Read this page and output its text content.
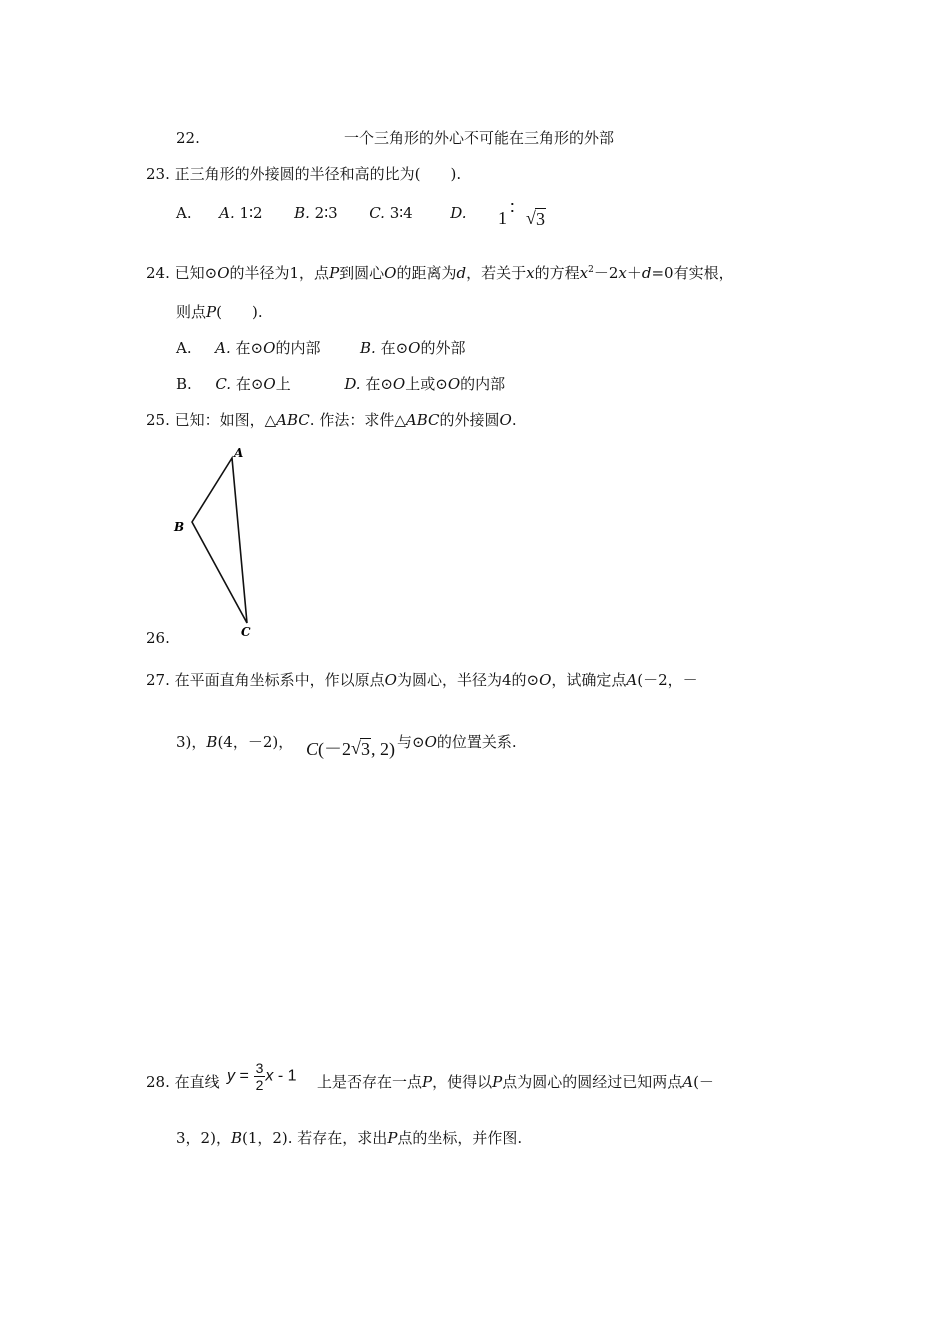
22.	一个三角形的外心不可能在三角形的外部
23. 正三角形的外接圆的半径和高的比为(　　).
A. A. 1∶2 B. 2∶3 C. 3∶4	D. 1 ∶ √ 3
24. 已知⊙O的半径为1，点P到圆心O的距离为d，若关于x的方程$x^2-2x+d=0$有实根，
则点P(　　).
A. A. 在⊙O的内部	B. 在⊙O的外部
B. C. 在⊙O上	D. 在⊙O上或⊙O的内部
25. 已知：如图，△ABC. 作法：求件△ABC的外接圆O.
A
B
C
26.
27. 在平面直角坐标系中，作以原点O为圆心，半径为4的⊙O，试确定点A(－2，－
3)，B(4，－2)， C(－2 √ 3, 2) 与⊙O的位置关系.
28. 在直线 $y = \frac{3}{2}$ x - 1 上是否存在一点P，使得以P点为圆心的圆经过已知两点A(－
3，2)，B(1，2). 若存在，求出P点的坐标，并作图.
